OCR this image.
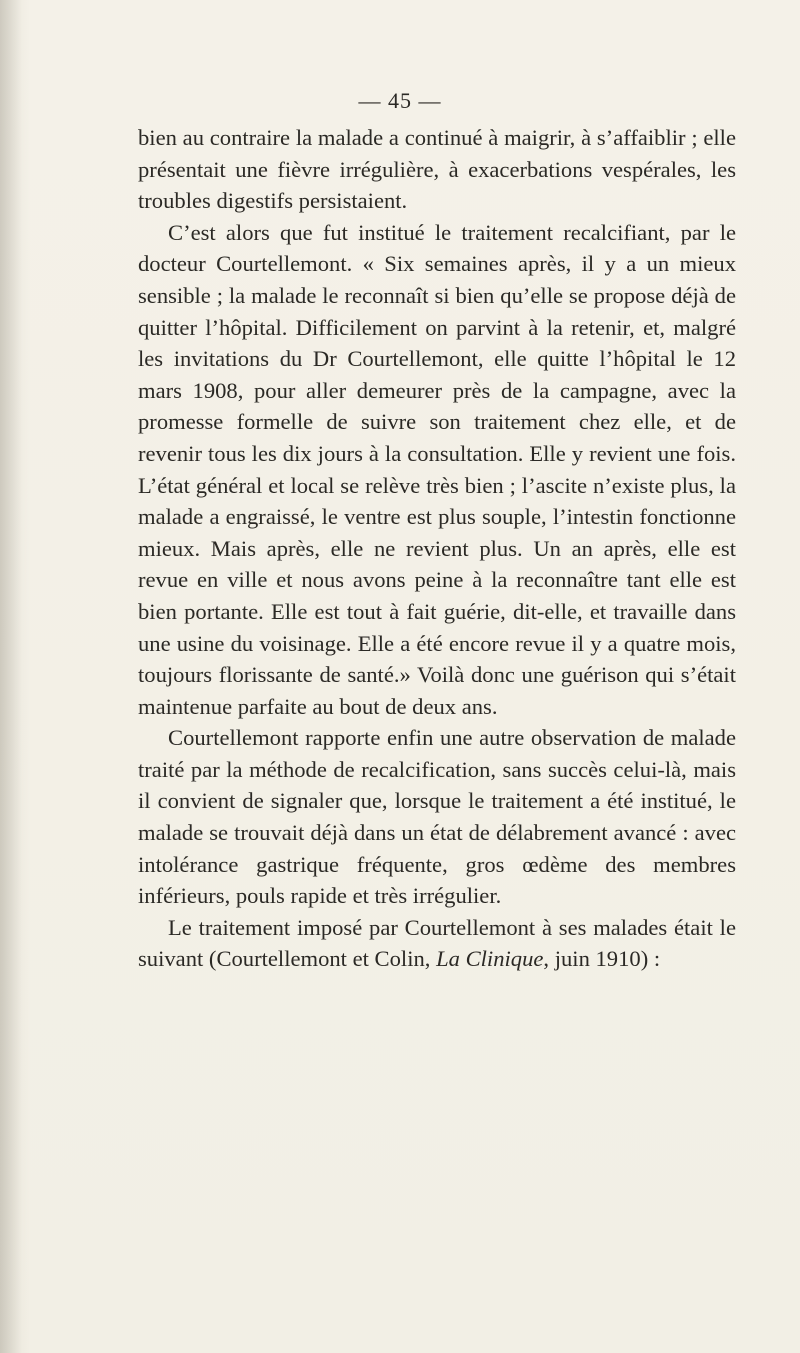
— 45 —

bien au contraire la malade a continué à maigrir, à s’affaiblir ; elle présentait une fièvre irrégulière, à exacerbations vespérales, les troubles digestifs persistaient.

C’est alors que fut institué le traitement recalcifiant, par le docteur Courtellemont. « Six semaines après, il y a un mieux sensible ; la malade le reconnaît si bien qu’elle se propose déjà de quitter l’hôpital. Difficilement on parvint à la retenir, et, malgré les invitations du Dr Courtellemont, elle quitte l’hôpital le 12 mars 1908, pour aller demeurer près de la campagne, avec la promesse formelle de suivre son traitement chez elle, et de revenir tous les dix jours à la consultation. Elle y revient une fois. L’état général et local se relève très bien ; l’ascite n’existe plus, la malade a engraissé, le ventre est plus souple, l’intestin fonctionne mieux. Mais après, elle ne revient plus. Un an après, elle est revue en ville et nous avons peine à la reconnaître tant elle est bien portante. Elle est tout à fait guérie, dit-elle, et travaille dans une usine du voisinage. Elle a été encore revue il y a quatre mois, toujours florissante de santé.» Voilà donc une guérison qui s’était maintenue parfaite au bout de deux ans.

Courtellemont rapporte enfin une autre observation de malade traité par la méthode de recalcification, sans succès celui-là, mais il convient de signaler que, lorsque le traitement a été institué, le malade se trouvait déjà dans un état de délabrement avancé : avec intolérance gastrique fréquente, gros œdème des membres inférieurs, pouls rapide et très irrégulier.

Le traitement imposé par Courtellemont à ses malades était le suivant (Courtellemont et Colin, La Clinique, juin 1910) :
